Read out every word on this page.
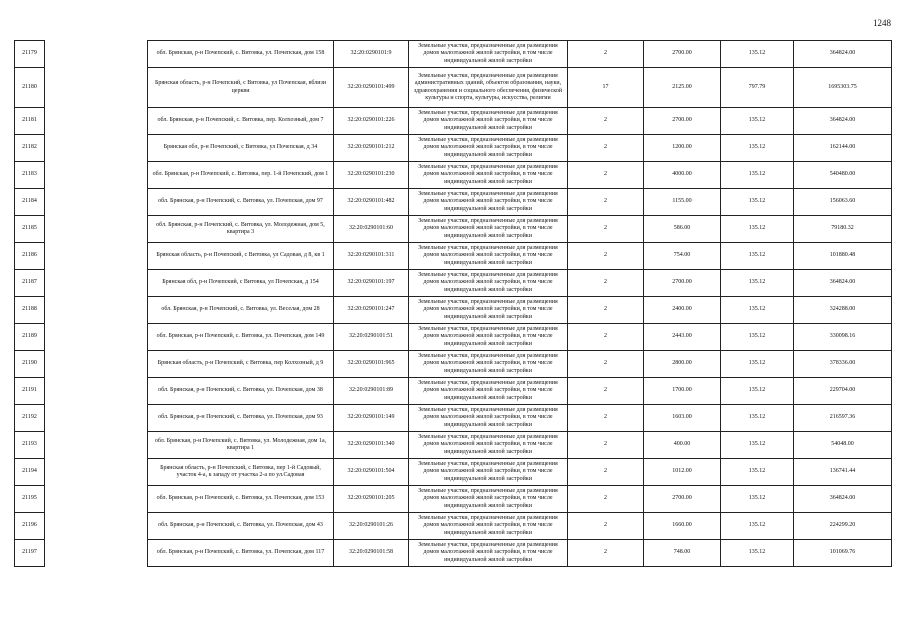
1248
21179		обл. Брянская, р-н Почепский, с. Витовка, ул. Почепская, дом 158	32:20:0290101:9	Земельные участки, предназначенные для размещения домов малоэтажной жилой застройки, в том числе индивидуальной жилой застройки	2	2700.00	135.12	364824.00
21180		Брянская область, р-н Почепский, с Витовка, ул Почепская, вблизи церкви	32:20:0290101:499	Земельные участки, предназначенные для размещения административных зданий, объектов образования, науки, здравоохранения и социального обеспечения, физической культуры и спорта, культуры, искусства, религии	17	2125.00	797.79	1695303.75
21181		обл. Брянская, р-н Почепский, с. Витовка, пер. Колхозный, дом 7	32:20:0290101:226	Земельные участки, предназначенные для размещения домов малоэтажной жилой застройки, в том числе индивидуальной жилой застройки	2	2700.00	135.12	364824.00
21182		Брянская обл, р-н Почепский, с Витовка, ул Почепская, д 34	32:20:0290101:212	Земельные участки, предназначенные для размещения домов малоэтажной жилой застройки, в том числе индивидуальной жилой застройки	2	1200.00	135.12	162144.00
21183		обл. Брянская, р-н Почепский, с. Витовка, пер. 1-й Почепский, дом 1	32:20:0290101:230	Земельные участки, предназначенные для размещения домов малоэтажной жилой застройки, в том числе индивидуальной жилой застройки	2	4000.00	135.12	540480.00
21184		обл. Брянская, р-н Почепский, с. Витовка, ул. Почепская, дом 97	32:20:0290101:482	Земельные участки, предназначенные для размещения домов малоэтажной жилой застройки, в том числе индивидуальной жилой застройки	2	1155.00	135.12	156063.60
21185		обл. Брянская, р-н Почепский, с. Витовка, ул. Молодежная, дом 5, квартира 3	32:20:0290101:60	Земельные участки, предназначенные для размещения домов малоэтажной жилой застройки, в том числе индивидуальной жилой застройки	2	586.00	135.12	79180.32
21186		Брянская область, р-н Почепский, с Витовка, ул Садовая, д 8, кв 1	32:20:0290101:311	Земельные участки, предназначенные для размещения домов малоэтажной жилой застройки, в том числе индивидуальной жилой застройки	2	754.00	135.12	101880.48
21187		Брянская обл, р-н Почепский, с Витовка, ул Почепская, д 154	32:20:0290101:197	Земельные участки, предназначенные для размещения домов малоэтажной жилой застройки, в том числе индивидуальной жилой застройки	2	2700.00	135.12	364824.00
21188		обл. Брянская, р-н Почепский, с. Витовка, ул. Веселая, дом 28	32:20:0290101:247	Земельные участки, предназначенные для размещения домов малоэтажной жилой застройки, в том числе индивидуальной жилой застройки	2	2400.00	135.12	324288.00
21189		обл. Брянская, р-н Почепский, с. Витовка, ул. Почепская, дом 149	32:20:0290101:51	Земельные участки, предназначенные для размещения домов малоэтажной жилой застройки, в том числе индивидуальной жилой застройки	2	2443.00	135.12	330098.16
21190		Брянская область, р-н Почепский, с Витовка, пер Колхозный, д 9	32:20:0290101:965	Земельные участки, предназначенные для размещения домов малоэтажной жилой застройки, в том числе индивидуальной жилой застройки	2	2800.00	135.12	378336.00
21191		обл. Брянская, р-н Почепский, с. Витовка, ул. Почепская, дом 38	32:20:0290101:89	Земельные участки, предназначенные для размещения домов малоэтажной жилой застройки, в том числе индивидуальной жилой застройки	2	1700.00	135.12	229704.00
21192		обл. Брянская, р-н Почепский, с. Витовка, ул. Почепская, дом 93	32:20:0290101:149	Земельные участки, предназначенные для размещения домов малоэтажной жилой застройки, в том числе индивидуальной жилой застройки	2	1603.00	135.12	216597.36
21193		обл. Брянская, р-н Почепский, с. Витовка, ул. Молодежная, дом 1а, квартира 1	32:20:0290101:340	Земельные участки, предназначенные для размещения домов малоэтажной жилой застройки, в том числе индивидуальной жилой застройки	2	400.00	135.12	54048.00
21194		Брянская область, р-н Почепский, с Витовка, пер 1-й Садовый, участок 4-а, к западу от участка 2-а по ул.Садовая	32:20:0290101:504	Земельные участки, предназначенные для размещения домов малоэтажной жилой застройки, в том числе индивидуальной жилой застройки	2	1012.00	135.12	136741.44
21195		обл. Брянская, р-н Почепский, с. Витовка, ул. Почепская, дом 153	32:20:0290101:205	Земельные участки, предназначенные для размещения домов малоэтажной жилой застройки, в том числе индивидуальной жилой застройки	2	2700.00	135.12	364824.00
21196		обл. Брянская, р-н Почепский, с. Витовка, ул. Почепская, дом 43	32:20:0290101:26	Земельные участки, предназначенные для размещения домов малоэтажной жилой застройки, в том числе индивидуальной жилой застройки	2	1660.00	135.12	224299.20
21197		обл. Брянская, р-н Почепский, с. Витовка, ул. Почепская, дом 117	32:20:0290101:58	Земельные участки, предназначенные для размещения домов малоэтажной жилой застройки, в том числе индивидуальной жилой застройки	2	748.00	135.12	101069.76
